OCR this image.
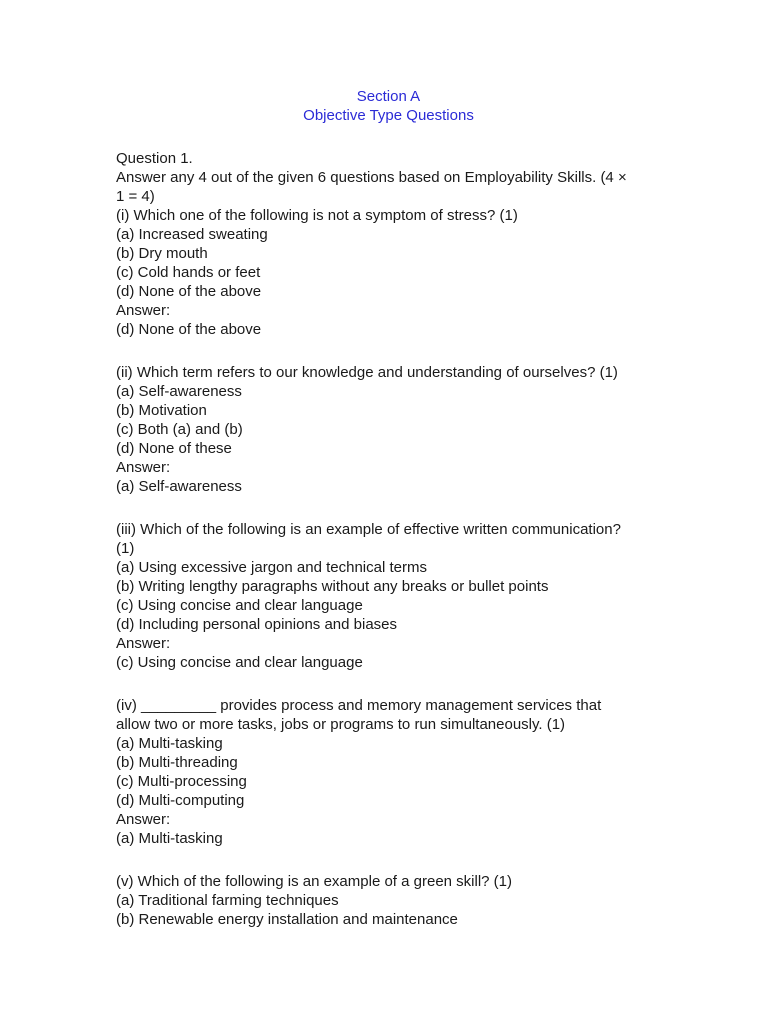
Section A
Objective Type Questions
Question 1.
Answer any 4 out of the given 6 questions based on Employability Skills. (4 ×
1 = 4)
(i) Which one of the following is not a symptom of stress? (1)
(a) Increased sweating
(b) Dry mouth
(c) Cold hands or feet
(d) None of the above
Answer:
(d) None of the above
(ii) Which term refers to our knowledge and understanding of ourselves? (1)
(a) Self-awareness
(b) Motivation
(c) Both (a) and (b)
(d) None of these
Answer:
(a) Self-awareness
(iii) Which of the following is an example of effective written communication?
(1)
(a) Using excessive jargon and technical terms
(b) Writing lengthy paragraphs without any breaks or bullet points
(c) Using concise and clear language
(d) Including personal opinions and biases
Answer:
(c) Using concise and clear language
(iv) _________ provides process and memory management services that
allow two or more tasks, jobs or programs to run simultaneously. (1)
(a) Multi-tasking
(b) Multi-threading
(c) Multi-processing
(d) Multi-computing
Answer:
(a) Multi-tasking
(v) Which of the following is an example of a green skill? (1)
(a) Traditional farming techniques
(b) Renewable energy installation and maintenance
